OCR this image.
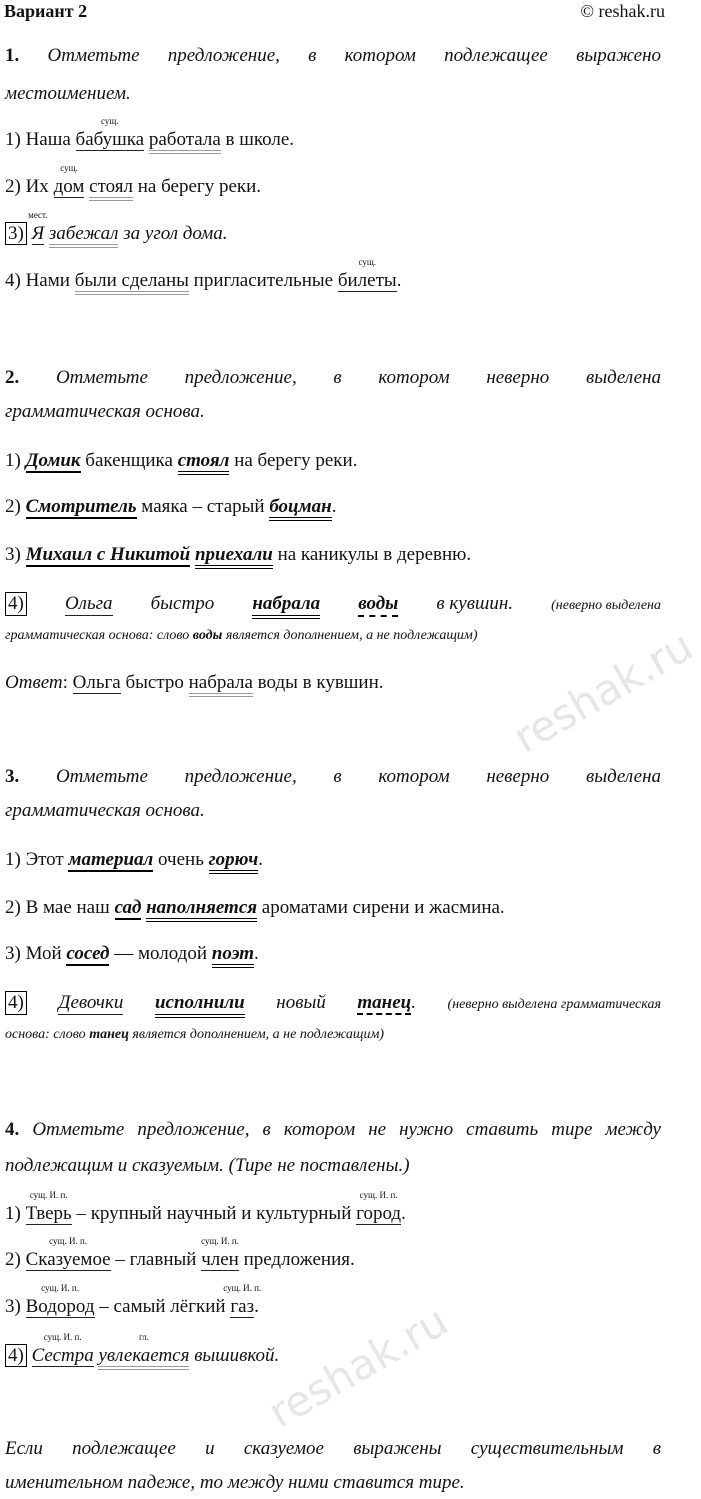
reshak.ru
reshak.ru
Вариант 2	© reshak.ru
1. Отметьте предложение, в котором подлежащее выражено
местоимением.
1) Наша
сущ.
бабушка работала в школе.
2) Их
сущ.
дом стоял на берегу реки.
3)
мест.
Я забежал за угол дома.
4) Нами были сделаны пригласительные
сущ.
билеты.
2. Отметьте предложение, в котором неверно выделена
грамматическая основа.
1) Домик бакенщика стоял на берегу реки.
2) Смотритель маяка – старый боцман.
3) Михаил с Никитой приехали на каникулы в деревню.
4) Ольга быстро набрала воды в кувшин.	(неверно выделена
грамматическая основа: слово воды является дополнением, а не подлежащим)
Ответ: Ольга быстро набрала воды в кувшин.
3. Отметьте предложение, в котором неверно выделена
грамматическая основа.
1) Этот материал очень горюч.
2) В мае наш сад наполняется ароматами сирени и жасмина.
3) Мой сосед — молодой поэт.
4) Девочки исполнили новый танец. (неверно выделена грамматическая
основа: слово танец является дополнением, а не подлежащим)
4. Отметьте предложение, в котором не нужно ставить тире между
подлежащим и сказуемым. (Тире не поставлены.)
1)
сущ. И. п.
Тверь – крупный научный и культурный
сущ. И. п.
город.
2)
сущ. И. п.
Сказуемое – главный
сущ. И. п.
член предложения.
3)
сущ. И. п.
Водород – самый лёгкий
сущ. И. п.
газ.
4)
сущ. И. п.
Сестра
гл.
увлекается вышивкой.
Если подлежащее и сказуемое выражены существительным в
именительном падеже, то между ними ставится тире.
